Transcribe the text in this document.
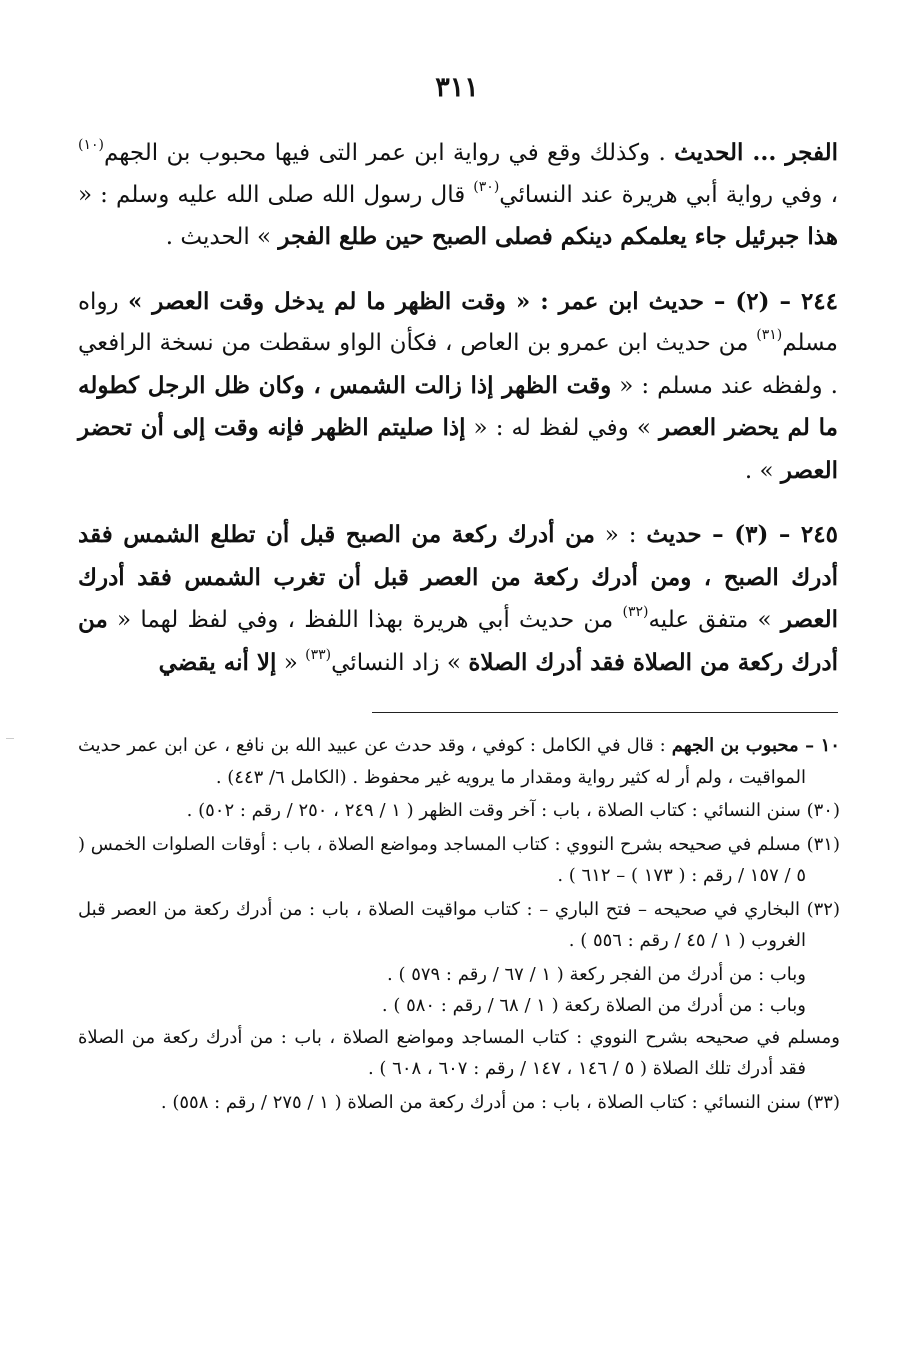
٣١١

الفجر ... الحديث . وكذلك وقع في رواية ابن عمر التى فيها محبوب بن الجهم$^{(١٠)}$ ، وفي رواية أبي هريرة عند النسائي$^{(٣٠)}$ قال رسول الله صلى الله عليه وسلم : « هذا جبرئيل جاء يعلمكم دينكم فصلى الصبح حين طلع الفجر » الحديث .

٢٤٤ – (٢) – حديث ابن عمر : « وقت الظهر ما لم يدخل وقت العصر » رواه مسلم$^{(٣١)}$ من حديث ابن عمرو بن العاص ، فكأن الواو سقطت من نسخة الرافعي . ولفظه عند مسلم : « وقت الظهر إذا زالت الشمس ، وكان ظل الرجل كطوله ما لم يحضر العصر » وفي لفظ له : « إذا صليتم الظهر فإنه وقت إلى أن تحضر العصر » .

٢٤٥ – (٣) – حديث : « من أدرك ركعة من الصبح قبل أن تطلع الشمس فقد أدرك الصبح ، ومن أدرك ركعة من العصر قبل أن تغرب الشمس فقد أدرك العصر » متفق عليه$^{(٣٢)}$ من حديث أبي هريرة بهذا اللفظ ، وفي لفظ لهما « من أدرك ركعة من الصلاة فقد أدرك الصلاة » زاد النسائي$^{(٣٣)}$ « إلا أنه يقضي

١٠ – محبوب بن الجهم : قال في الكامل : كوفي ، وقد حدث عن عبيد الله بن نافع ، عن ابن عمر حديث المواقيت ، ولم أر له كثير رواية ومقدار ما يرويه غير محفوظ . (الكامل ٦/ ٤٤٣) .

(٣٠) سنن النسائي : كتاب الصلاة ، باب : آخر وقت الظهر ( ١ / ٢٤٩ ، ٢٥٠ / رقم : ٥٠٢) .

(٣١) مسلم في صحيحه بشرح النووي : كتاب المساجد ومواضع الصلاة ، باب : أوقات الصلوات الخمس ( ٥ / ١٥٧ / رقم : ( ١٧٣ ) – ٦١٢ ) .

(٣٢) البخاري في صحيحه – فتح الباري – : كتاب مواقيت الصلاة ، باب : من أدرك ركعة من العصر قبل الغروب ( ١ / ٤٥ / رقم : ٥٥٦ ) .

وباب : من أدرك من الفجر ركعة ( ١ / ٦٧ / رقم : ٥٧٩ ) .

وباب : من أدرك من الصلاة ركعة ( ١ / ٦٨ / رقم : ٥٨٠ ) .

ومسلم في صحيحه بشرح النووي : كتاب المساجد ومواضع الصلاة ، باب : من أدرك ركعة من الصلاة فقد أدرك تلك الصلاة ( ٥ / ١٤٦ ، ١٤٧ / رقم : ٦٠٧ ، ٦٠٨ ) .

(٣٣) سنن النسائي : كتاب الصلاة ، باب : من أدرك ركعة من الصلاة ( ١ / ٢٧٥ / رقم : ٥٥٨) .
